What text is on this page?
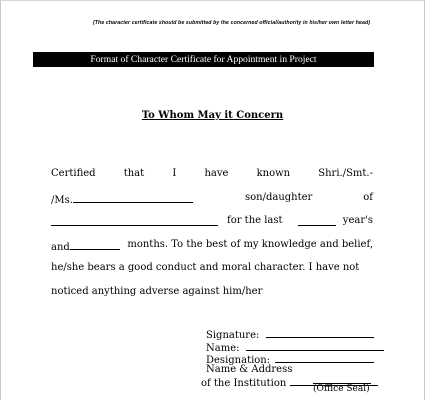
(The character certificate should be submitted by the concerned official/authority in his/her own letter head)
Format of Character Certificate for Appointment in Project
To Whom May it Concern
Certified	that	I	have	known	Shri./Smt.-
/Ms.	son/daughter	of
for the last	year's
and	months. To the best of my knowledge and belief,
he/she bears a good conduct and moral character. I have not
noticed anything adverse against him/her
Signature:
Name:
Designation:
Name & Address
of the Institution	(Office Seal)
